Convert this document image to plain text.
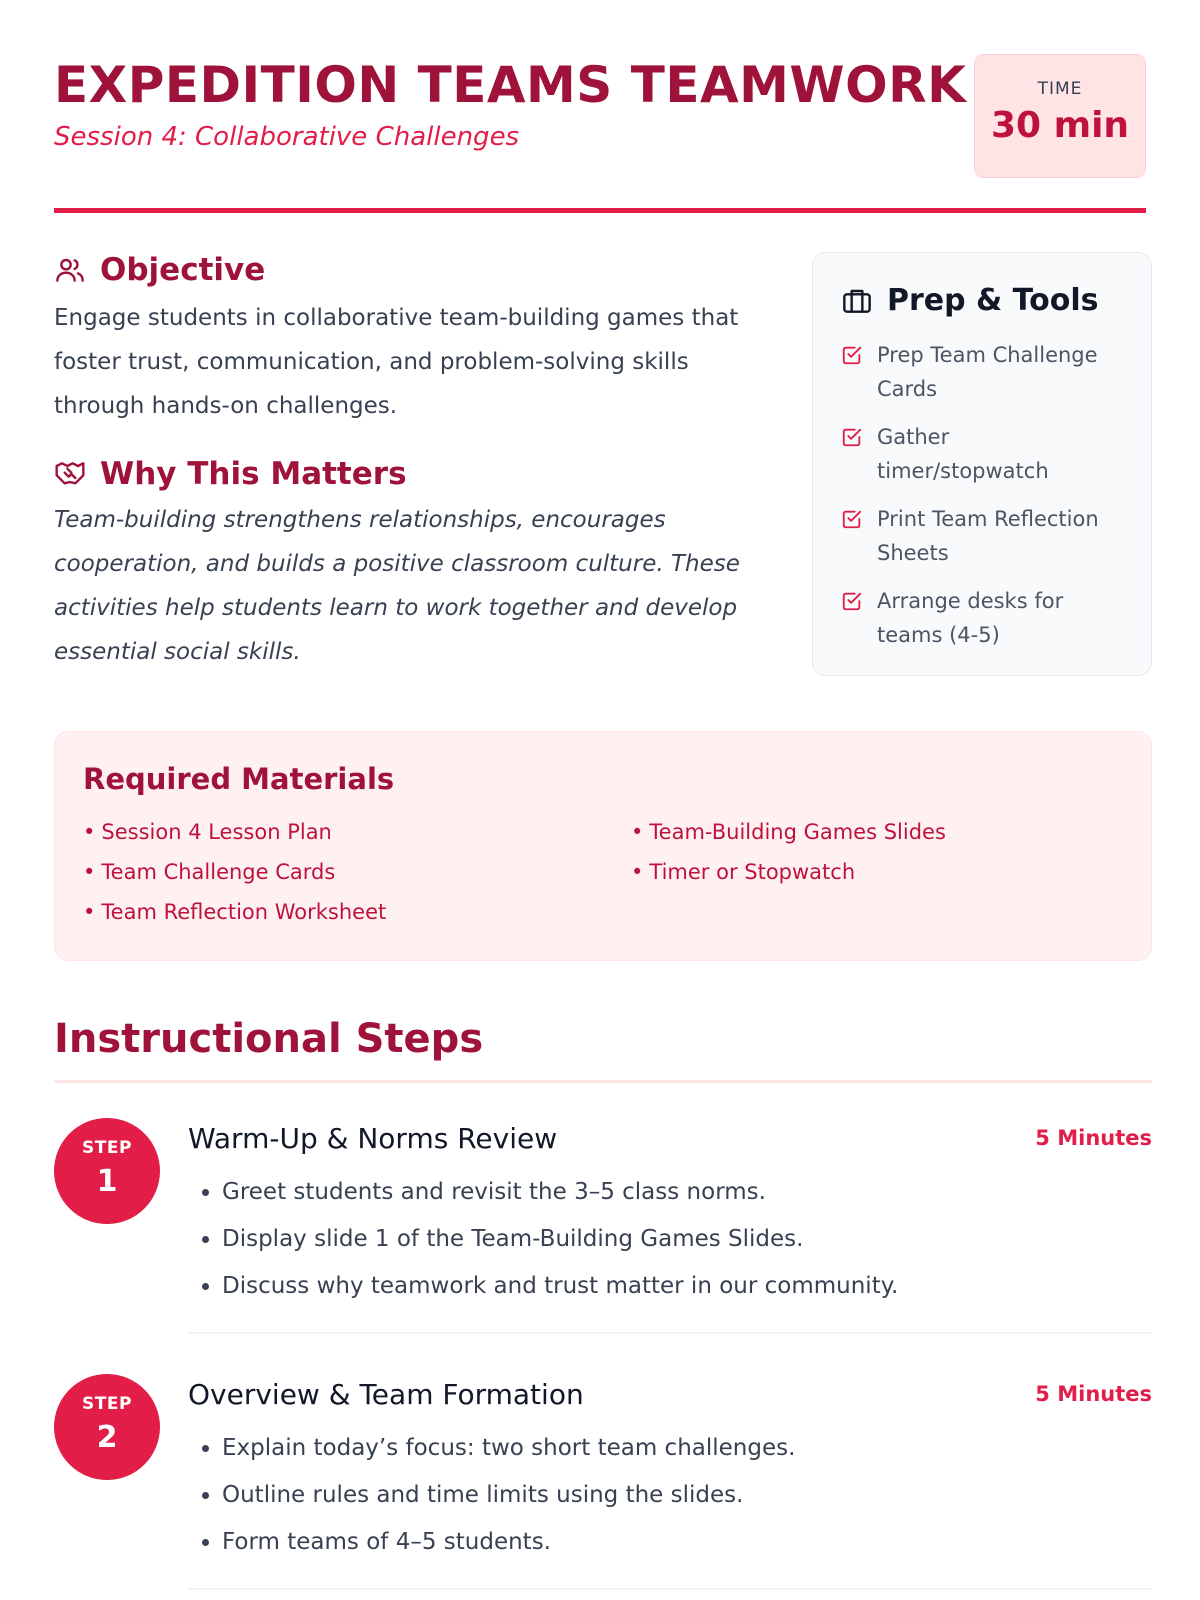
EXPEDITION TEAMS TEAMWORK
Session 4: Collaborative Challenges
TIME
30 min
Objective

Engage students in collaborative team-building games that foster trust, communication, and problem-solving skills through hands-on challenges.

Why This Matters

Team-building strengthens relationships, encourages cooperation, and builds a positive classroom culture. These activities help students learn to work together and develop essential social skills.

Prep & Tools
Prep Team Challenge Cards
Gather timer/stopwatch
Print Team Reflection Sheets
Arrange desks for teams (4-5)
Required Materials
• Session 4 Lesson Plan
• Team Challenge Cards
• Team Reflection Worksheet
• Team-Building Games Slides
• Timer or Stopwatch
Instructional Steps
STEP
1
Warm-Up & Norms Review	5 Minutes
• Greet students and revisit the 3–5 class norms.
• Display slide 1 of the Team-Building Games Slides.
• Discuss why teamwork and trust matter in our community.
STEP
2
Overview & Team Formation	5 Minutes
• Explain today’s focus: two short team challenges.
• Outline rules and time limits using the slides.
• Form teams of 4–5 students.
